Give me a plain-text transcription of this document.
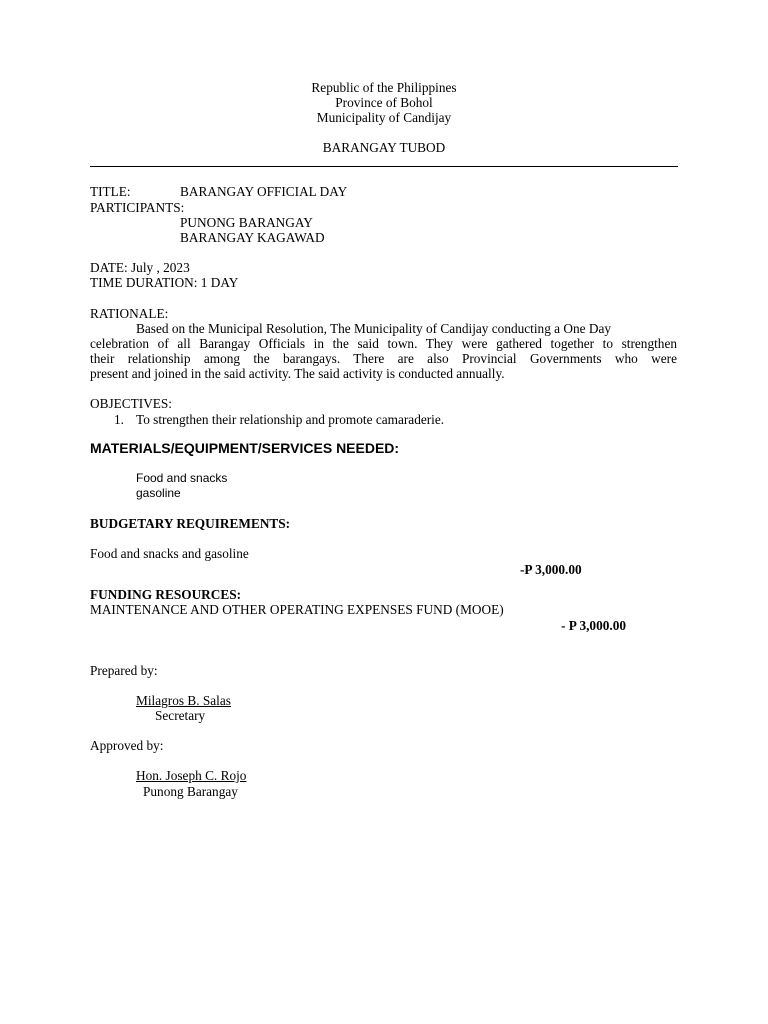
Republic of the Philippines
Province of Bohol
Municipality of Candijay
BARANGAY TUBOD
TITLE:	BARANGAY OFFICIAL DAY
PARTICIPANTS:
PUNONG BARANGAY
BARANGAY KAGAWAD
DATE: July , 2023
TIME DURATION: 1 DAY
RATIONALE:
Based on the Municipal Resolution, The Municipality of Candijay conducting a One Day
celebration of all Barangay Officials in the said town. They were gathered together to strengthen
their relationship among the barangays. There are also Provincial Governments who were
present and joined in the said activity. The said activity is conducted annually.
OBJECTIVES:
1. To strengthen their relationship and promote camaraderie.
MATERIALS/EQUIPMENT/SERVICES NEEDED:
Food and snacks
gasoline
BUDGETARY REQUIREMENTS:
Food and snacks and gasoline
-P 3,000.00
FUNDING RESOURCES:
MAINTENANCE AND OTHER OPERATING EXPENSES FUND (MOOE)
- P 3,000.00
Prepared by:
Milagros B. Salas
Secretary
Approved by:
Hon. Joseph C. Rojo
Punong Barangay
